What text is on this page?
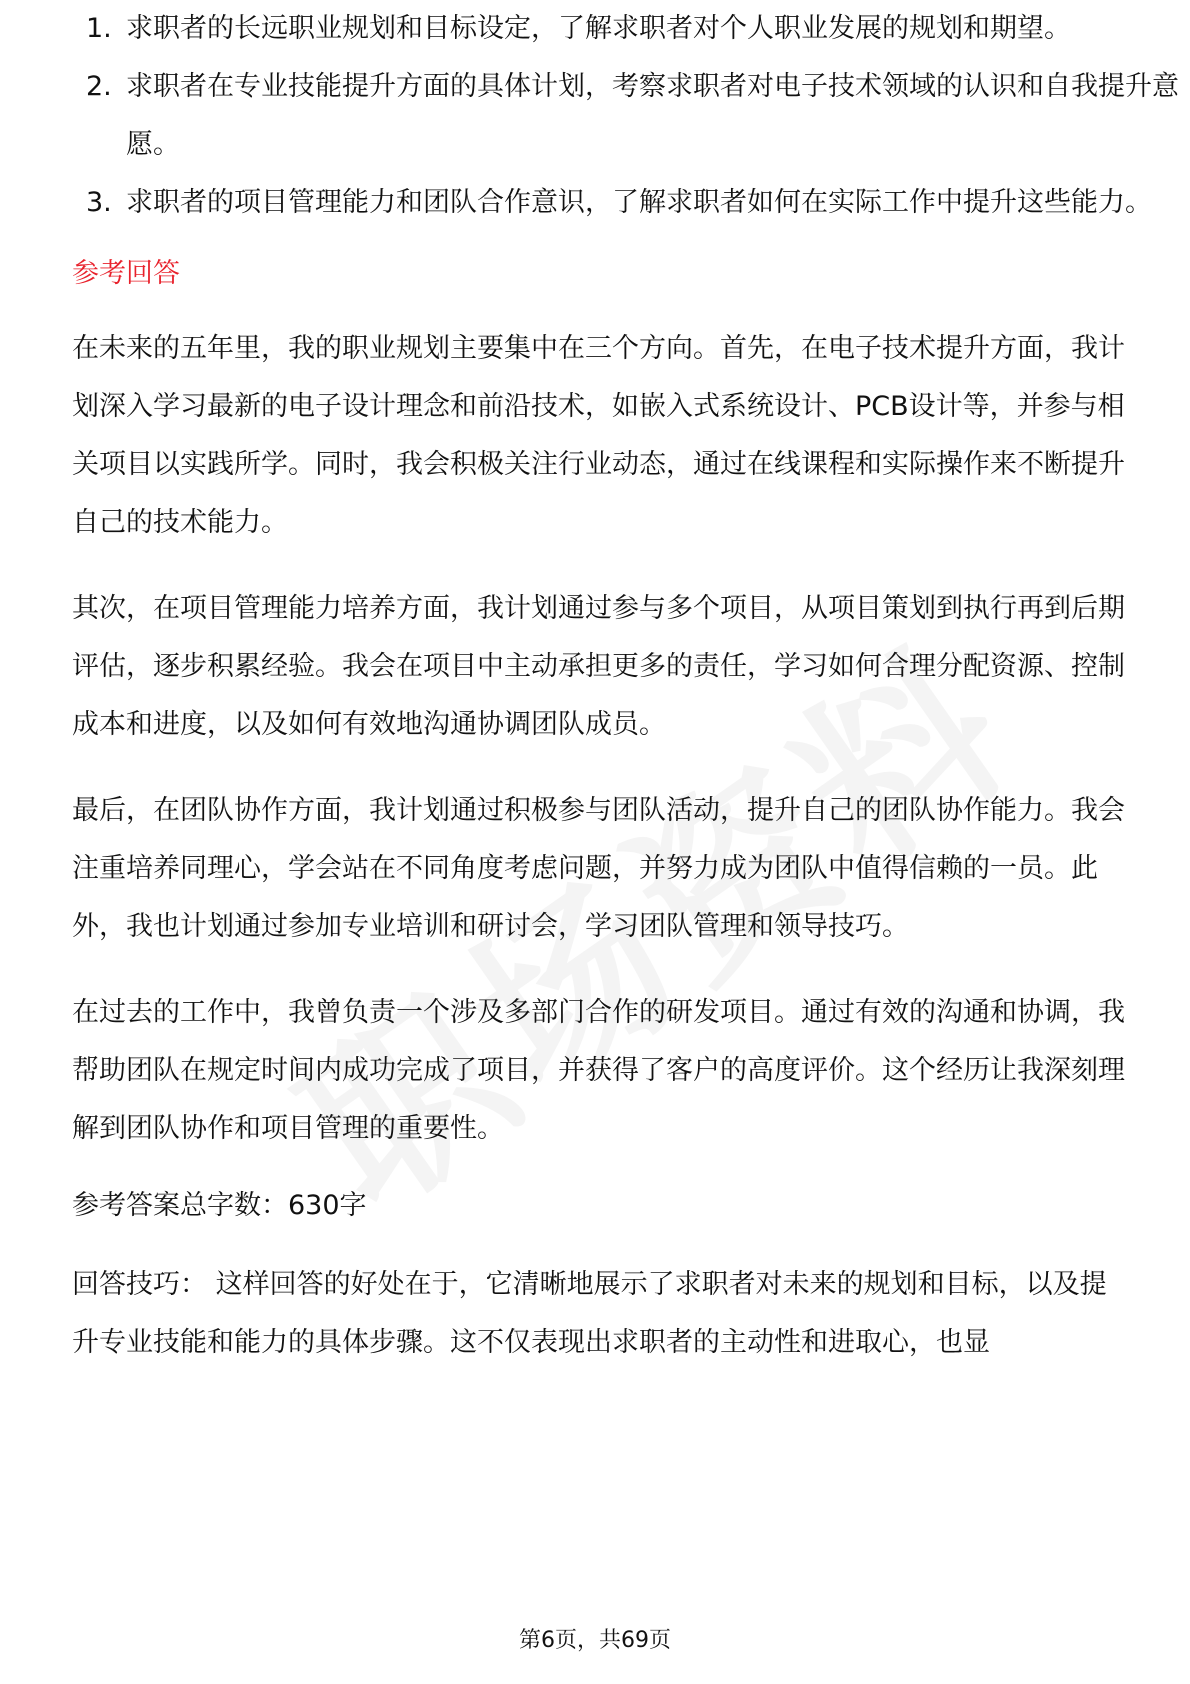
1. 求职者的长远职业规划和目标设定，了解求职者对个人职业发展的规划和期望。
2. 求职者在专业技能提升方面的具体计划，考察求职者对电子技术领域的认识和自我提升意愿。
3. 求职者的项目管理能力和团队合作意识，了解求职者如何在实际工作中提升这些能力。
参考回答

在未来的五年里，我的职业规划主要集中在三个方向。首先，在电子技术提升方面，我计划深入学习最新的电子设计理念和前沿技术，如嵌入式系统设计、PCB设计等，并参与相关项目以实践所学。同时，我会积极关注行业动态，通过在线课程和实际操作来不断提升自己的技术能力。

其次，在项目管理能力培养方面，我计划通过参与多个项目，从项目策划到执行再到后期评估，逐步积累经验。我会在项目中主动承担更多的责任，学习如何合理分配资源、控制成本和进度，以及如何有效地沟通协调团队成员。

最后，在团队协作方面，我计划通过积极参与团队活动，提升自己的团队协作能力。我会注重培养同理心，学会站在不同角度考虑问题，并努力成为团队中值得信赖的一员。此外，我也计划通过参加专业培训和研讨会，学习团队管理和领导技巧。

在过去的工作中，我曾负责一个涉及多部门合作的研发项目。通过有效的沟通和协调，我帮助团队在规定时间内成功完成了项目，并获得了客户的高度评价。这个经历让我深刻理解到团队协作和项目管理的重要性。

参考答案总字数：630字

回答技巧： 这样回答的好处在于，它清晰地展示了求职者对未来的规划和目标，以及提升专业技能和能力的具体步骤。这不仅表现出求职者的主动性和进取心，也显

第6页，共69页
